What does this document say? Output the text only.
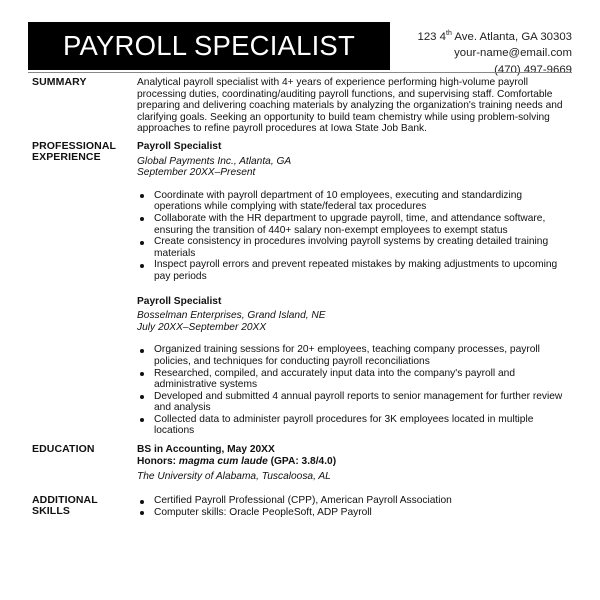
PAYROLL SPECIALIST	123 4th Ave. Atlanta, GA 30303
your-name@email.com
(470) 497-9669
SUMMARY	Analytical payroll specialist with 4+ years of experience performing high-volume payroll processing duties, coordinating/auditing payroll functions, and supervising staff. Comfortable preparing and delivering coaching materials by analyzing the organization's training needs and clarifying goals. Seeking an opportunity to build team chemistry while using problem-solving approaches to refine payroll procedures at Iowa State Job Bank.

PROFESSIONAL
EXPERIENCE

Payroll Specialist

Global Payments Inc., Atlanta, GA

September 20XX–Present

Coordinate with payroll department of 10 employees, executing and standardizing operations while complying with state/federal tax procedures
Collaborate with the HR department to upgrade payroll, time, and attendance software, ensuring the transition of 440+ salary non-exempt employees to exempt status
Create consistency in procedures involving payroll systems by creating detailed training materials
Inspect payroll errors and prevent repeated mistakes by making adjustments to upcoming pay periods

Payroll Specialist

Bosselman Enterprises, Grand Island, NE

July 20XX–September 20XX

Organized training sessions for 20+ employees, teaching company processes, payroll policies, and techniques for conducting payroll reconciliations
Researched, compiled, and accurately input data into the company's payroll and administrative systems
Developed and submitted 4 annual payroll reports to senior management for further review and analysis
Collected data to administer payroll procedures for 3K employees located in multiple locations
EDUCATION	BS in Accounting, May 20XX

Honors: magma cum laude (GPA: 3.8/4.0)

The University of Alabama, Tuscaloosa, AL

ADDITIONAL
SKILLS
Certified Payroll Professional (CPP), American Payroll Association
Computer skills: Oracle PeopleSoft, ADP Payroll
